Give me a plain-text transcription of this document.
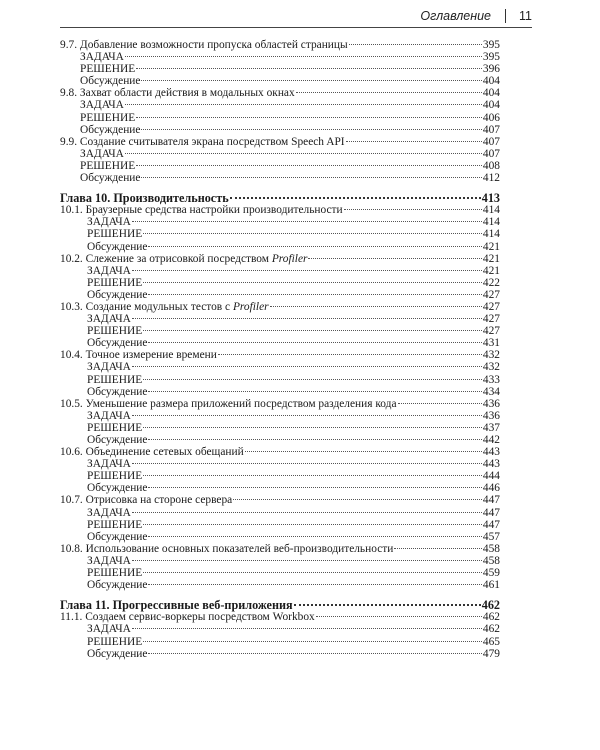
Оглавление 11
9.7. Добавление возможности пропуска областей страницы	395
ЗАДАЧА	395
РЕШЕНИЕ	396
Обсуждение	404
9.8. Захват области действия в модальных окнах	404
ЗАДАЧА	404
РЕШЕНИЕ	406
Обсуждение	407
9.9. Создание считывателя экрана посредством Speech API	407
ЗАДАЧА	407
РЕШЕНИЕ	408
Обсуждение	412
Глава 10. Производительность	413
10.1. Браузерные средства настройки производительности	414
ЗАДАЧА	414
РЕШЕНИЕ	414
Обсуждение	421
10.2. Слежение за отрисовкой посредством Profiler	421
ЗАДАЧА	421
РЕШЕНИЕ	422
Обсуждение	427
10.3. Создание модульных тестов с Profiler	427
ЗАДАЧА	427
РЕШЕНИЕ	427
Обсуждение	431
10.4. Точное измерение времени	432
ЗАДАЧА	432
РЕШЕНИЕ	433
Обсуждение	434
10.5. Уменьшение размера приложений посредством разделения кода	436
ЗАДАЧА	436
РЕШЕНИЕ	437
Обсуждение	442
10.6. Объединение сетевых обещаний	443
ЗАДАЧА	443
РЕШЕНИЕ	444
Обсуждение	446
10.7. Отрисовка на стороне сервера	447
ЗАДАЧА	447
РЕШЕНИЕ	447
Обсуждение	457
10.8. Использование основных показателей веб-производительности	458
ЗАДАЧА	458
РЕШЕНИЕ	459
Обсуждение	461
Глава 11. Прогрессивные веб-приложения	462
11.1. Создаем сервис-воркеры посредством Workbox	462
ЗАДАЧА	462
РЕШЕНИЕ	465
Обсуждение	479
